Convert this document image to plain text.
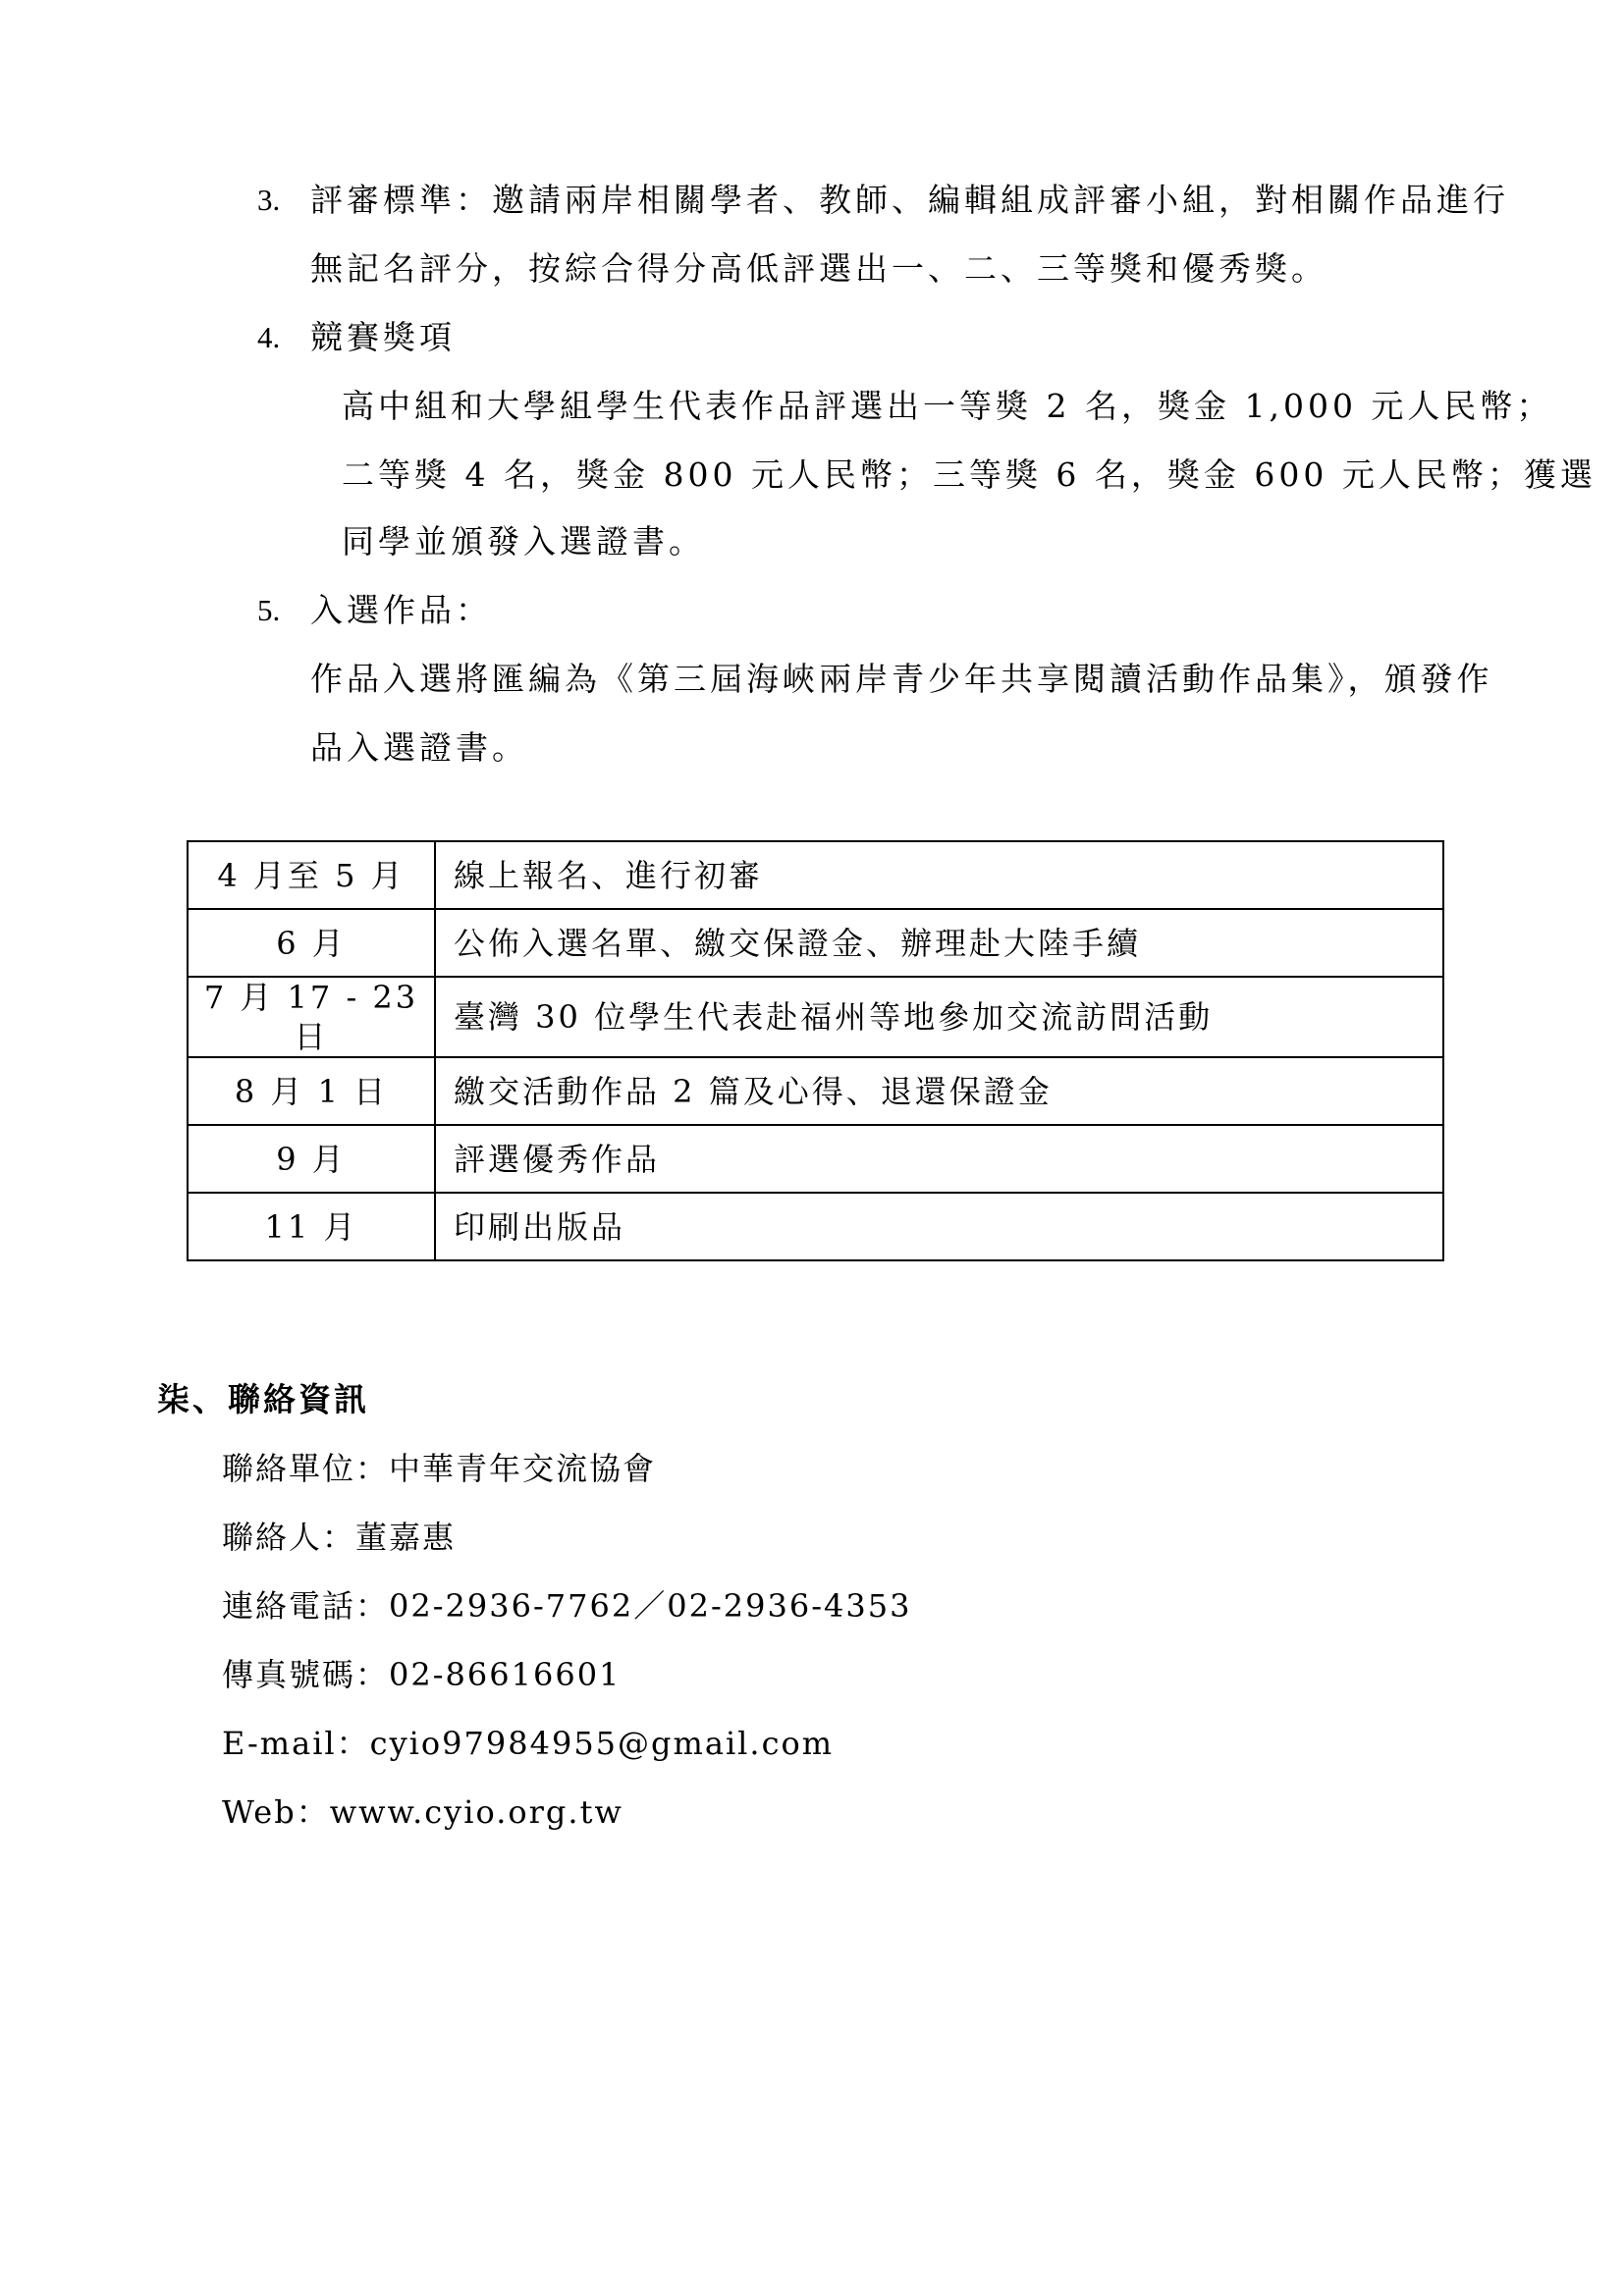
3. 評審標準：邀請兩岸相關學者、教師、編輯組成評審小組，對相關作品進行
無記名評分，按綜合得分高低評選出一、二、三等獎和優秀獎。
4. 競賽獎項
高中組和大學組學生代表作品評選出一等獎 2 名，獎金 1,000 元人民幣；
二等獎 4 名，獎金 800 元人民幣；三等獎 6 名，獎金 600 元人民幣；獲選
同學並頒發入選證書。
5. 入選作品：
作品入選將匯編為《第三屆海峽兩岸青少年共享閱讀活動作品集》，頒發作
品入選證書。
4 月至 5 月	線上報名、進行初審
6 月	公佈入選名單、繳交保證金、辦理赴大陸手續
7 月 17 - 23 日	臺灣 30 位學生代表赴福州等地參加交流訪問活動
8 月 1 日	繳交活動作品 2 篇及心得、退還保證金
9 月	評選優秀作品
11 月	印刷出版品
柒、聯絡資訊
聯絡單位：中華青年交流協會
聯絡人：董嘉惠
連絡電話：02-2936-7762／02-2936-4353
傳真號碼：02-86616601
E-mail：cyio97984955@gmail.com
Web：www.cyio.org.tw
